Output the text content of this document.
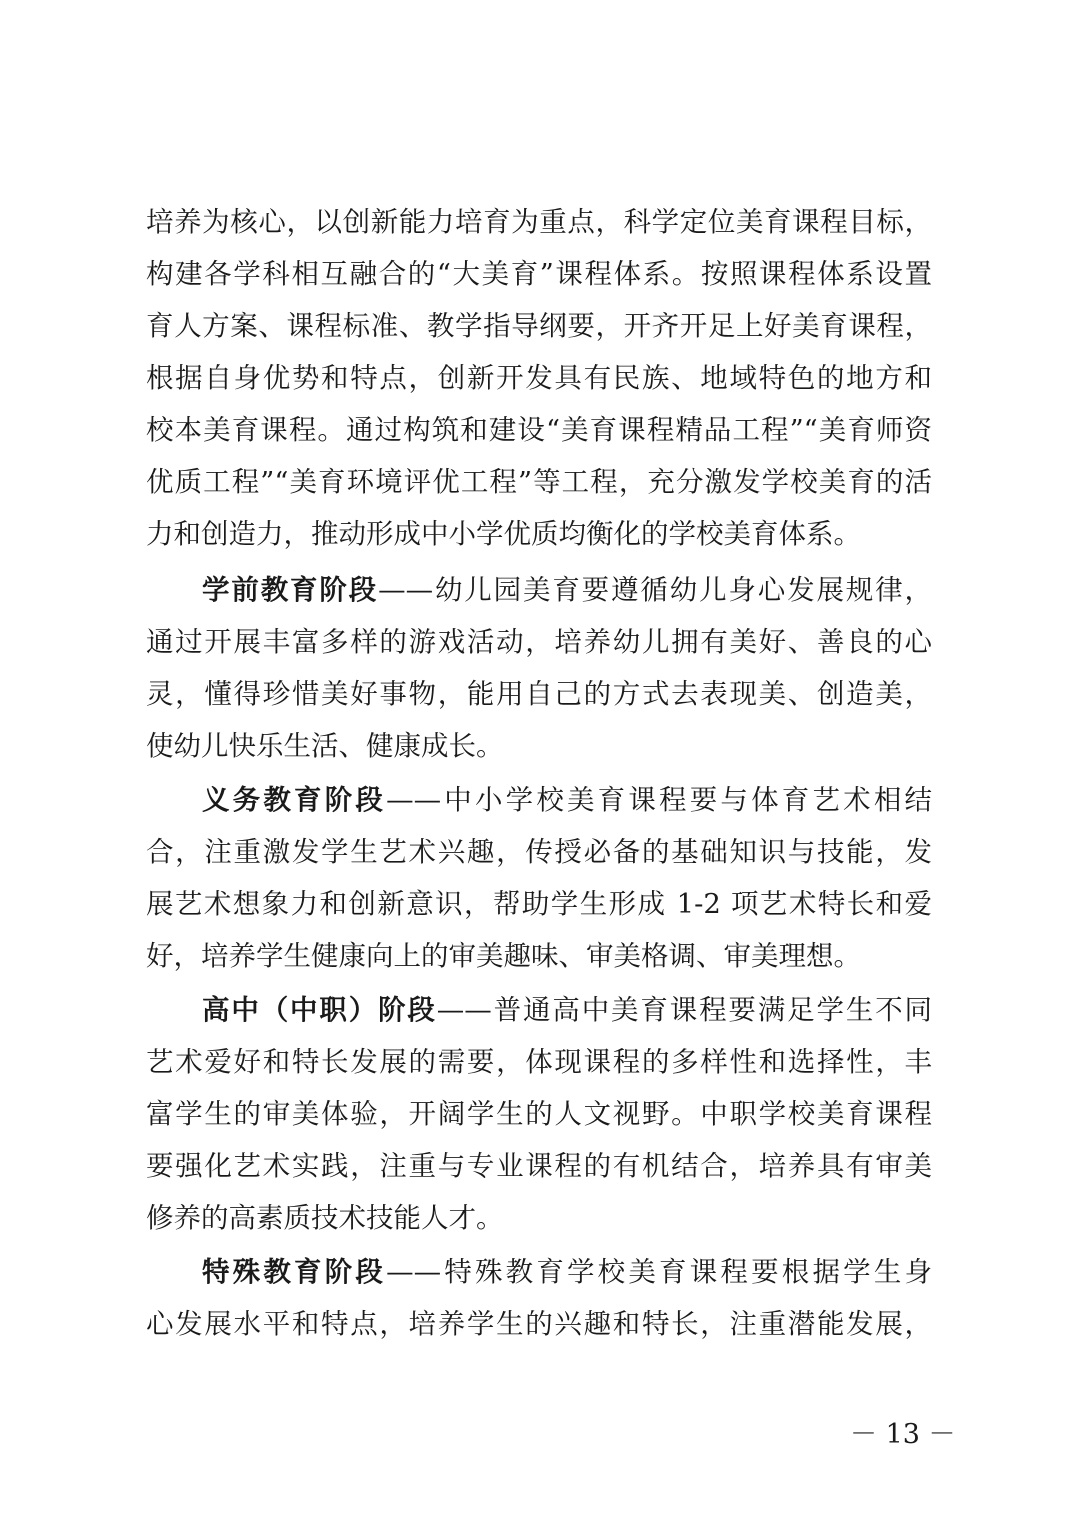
培养为核心，以创新能力培育为重点，科学定位美育课程目标，
构建各学科相互融合的“大美育”课程体系。按照课程体系设置
育人方案、课程标准、教学指导纲要，开齐开足上好美育课程，
根据自身优势和特点，创新开发具有民族、地域特色的地方和
校本美育课程。通过构筑和建设“美育课程精品工程”“美育师资
优质工程”“美育环境评优工程”等工程，充分激发学校美育的活
力和创造力，推动形成中小学优质均衡化的学校美育体系。
学前教育阶段——幼儿园美育要遵循幼儿身心发展规律，
通过开展丰富多样的游戏活动，培养幼儿拥有美好、善良的心
灵，懂得珍惜美好事物，能用自己的方式去表现美、创造美，
使幼儿快乐生活、健康成长。
义务教育阶段——中小学校美育课程要与体育艺术相结
合，注重激发学生艺术兴趣，传授必备的基础知识与技能，发
展艺术想象力和创新意识，帮助学生形成 1-2 项艺术特长和爱
好，培养学生健康向上的审美趣味、审美格调、审美理想。
高中（中职）阶段——普通高中美育课程要满足学生不同
艺术爱好和特长发展的需要，体现课程的多样性和选择性，丰
富学生的审美体验，开阔学生的人文视野。中职学校美育课程
要强化艺术实践，注重与专业课程的有机结合，培养具有审美
修养的高素质技术技能人才。
特殊教育阶段——特殊教育学校美育课程要根据学生身
心发展水平和特点，培养学生的兴趣和特长，注重潜能发展，
－ 13 －
